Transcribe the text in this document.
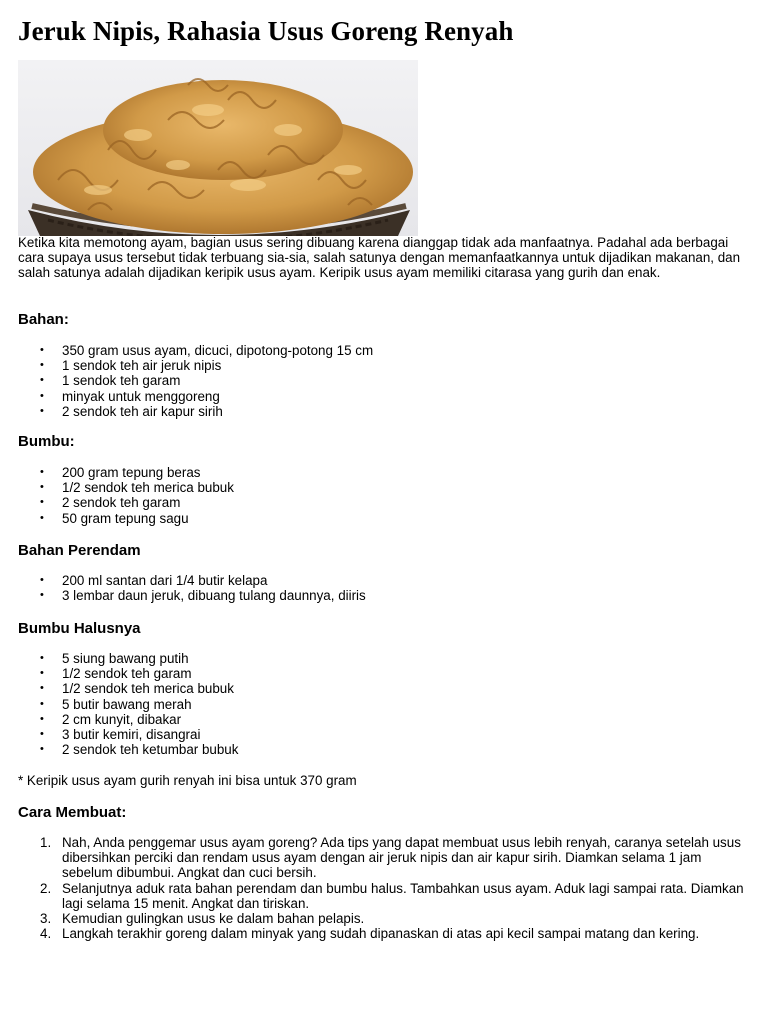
Jeruk Nipis, Rahasia Usus Goreng Renyah

Ketika kita memotong ayam, bagian usus sering dibuang karena dianggap tidak ada manfaatnya. Padahal ada berbagai cara supaya usus tersebut tidak terbuang sia-sia, salah satunya dengan memanfaatkannya untuk dijadikan makanan, dan salah satunya adalah dijadikan keripik usus ayam. Keripik usus ayam memiliki citarasa yang gurih dan enak.

Bahan:
• 350 gram usus ayam, dicuci, dipotong-potong 15 cm
• 1 sendok teh air jeruk nipis
• 1 sendok teh garam
• minyak untuk menggoreng
• 2 sendok teh air kapur sirih
Bumbu:
• 200 gram tepung beras
• 1/2 sendok teh merica bubuk
• 2 sendok teh garam
• 50 gram tepung sagu
Bahan Perendam
• 200 ml santan dari 1/4 butir kelapa
• 3 lembar daun jeruk, dibuang tulang daunnya, diiris
Bumbu Halusnya
• 5 siung bawang putih
• 1/2 sendok teh garam
• 1/2 sendok teh merica bubuk
• 5 butir bawang merah
• 2 cm kunyit, dibakar
• 3 butir kemiri, disangrai
• 2 sendok teh ketumbar bubuk

* Keripik usus ayam gurih renyah ini bisa untuk 370 gram

Cara Membuat:
1. Nah, Anda penggemar usus ayam goreng? Ada tips yang dapat membuat usus lebih renyah, caranya setelah usus dibersihkan perciki dan rendam usus ayam dengan air jeruk nipis dan air kapur sirih. Diamkan selama 1 jam sebelum dibumbui. Angkat dan cuci bersih.
2. Selanjutnya aduk rata bahan perendam dan bumbu halus. Tambahkan usus ayam. Aduk lagi sampai rata. Diamkan lagi selama 15 menit. Angkat dan tiriskan.
3. Kemudian gulingkan usus ke dalam bahan pelapis.
4. Langkah terakhir goreng dalam minyak yang sudah dipanaskan di atas api kecil sampai matang dan kering.
